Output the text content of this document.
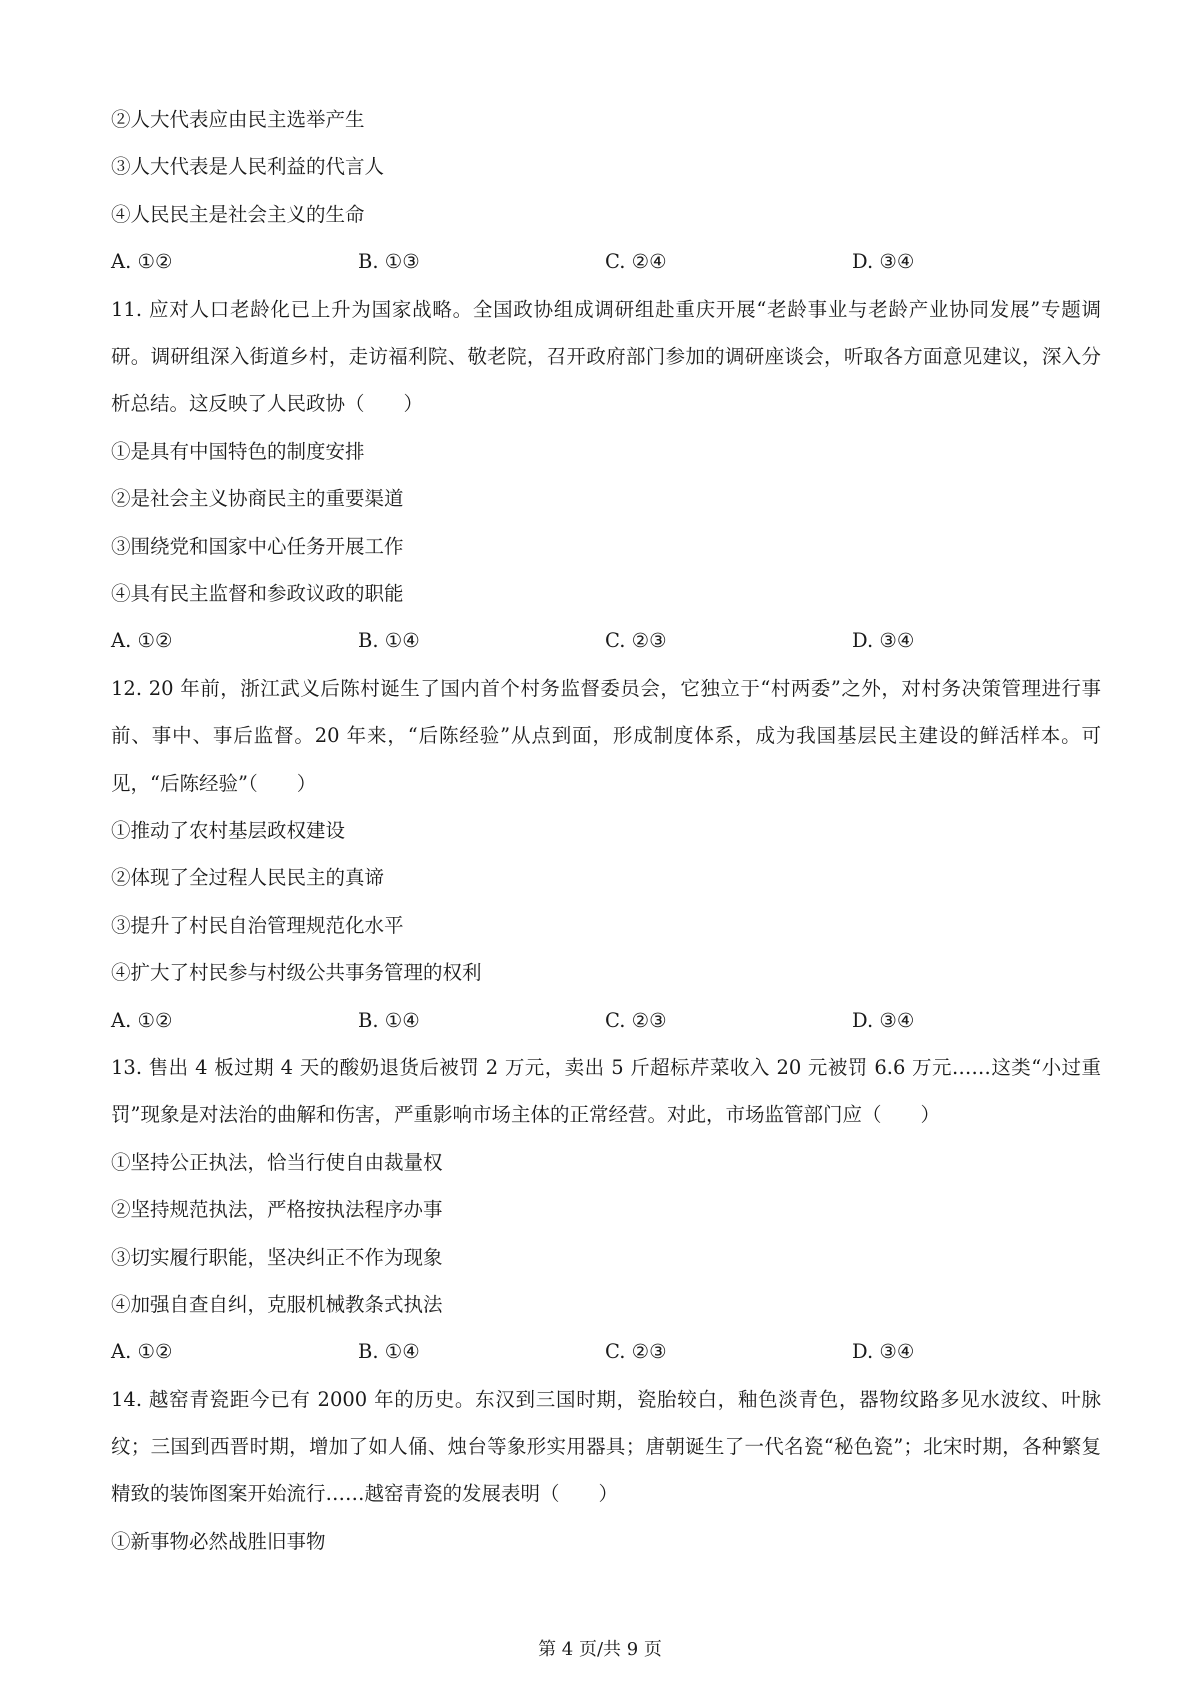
②人大代表应由民主选举产生
③人大代表是人民利益的代言人
④人民民主是社会主义的生命
A. ①②	B. ①③	C. ②④	D. ③④
11. 应对人口老龄化已上升为国家战略。全国政协组成调研组赴重庆开展“老龄事业与老龄产业协同发展”专题调研。调研组深入街道乡村，走访福利院、敬老院，召开政府部门参加的调研座谈会，听取各方面意见建议，深入分析总结。这反映了人民政协（　　）
①是具有中国特色的制度安排
②是社会主义协商民主的重要渠道
③围绕党和国家中心任务开展工作
④具有民主监督和参政议政的职能
A. ①②	B. ①④	C. ②③	D. ③④
12. 20 年前，浙江武义后陈村诞生了国内首个村务监督委员会，它独立于“村两委”之外，对村务决策管理进行事前、事中、事后监督。20 年来，“后陈经验”从点到面，形成制度体系，成为我国基层民主建设的鲜活样本。可见，“后陈经验”（　　）
①推动了农村基层政权建设
②体现了全过程人民民主的真谛
③提升了村民自治管理规范化水平
④扩大了村民参与村级公共事务管理的权利
A. ①②	B. ①④	C. ②③	D. ③④
13. 售出 4 板过期 4 天的酸奶退货后被罚 2 万元，卖出 5 斤超标芹菜收入 20 元被罚 6.6 万元……这类“小过重罚”现象是对法治的曲解和伤害，严重影响市场主体的正常经营。对此，市场监管部门应（　　）
①坚持公正执法，恰当行使自由裁量权
②坚持规范执法，严格按执法程序办事
③切实履行职能，坚决纠正不作为现象
④加强自查自纠，克服机械教条式执法
A. ①②	B. ①④	C. ②③	D. ③④
14. 越窑青瓷距今已有 2000 年的历史。东汉到三国时期，瓷胎较白，釉色淡青色，器物纹路多见水波纹、叶脉纹；三国到西晋时期，增加了如人俑、烛台等象形实用器具；唐朝诞生了一代名瓷“秘色瓷”；北宋时期，各种繁复精致的装饰图案开始流行……越窑青瓷的发展表明（　　）
①新事物必然战胜旧事物
第 4 页/共 9 页
